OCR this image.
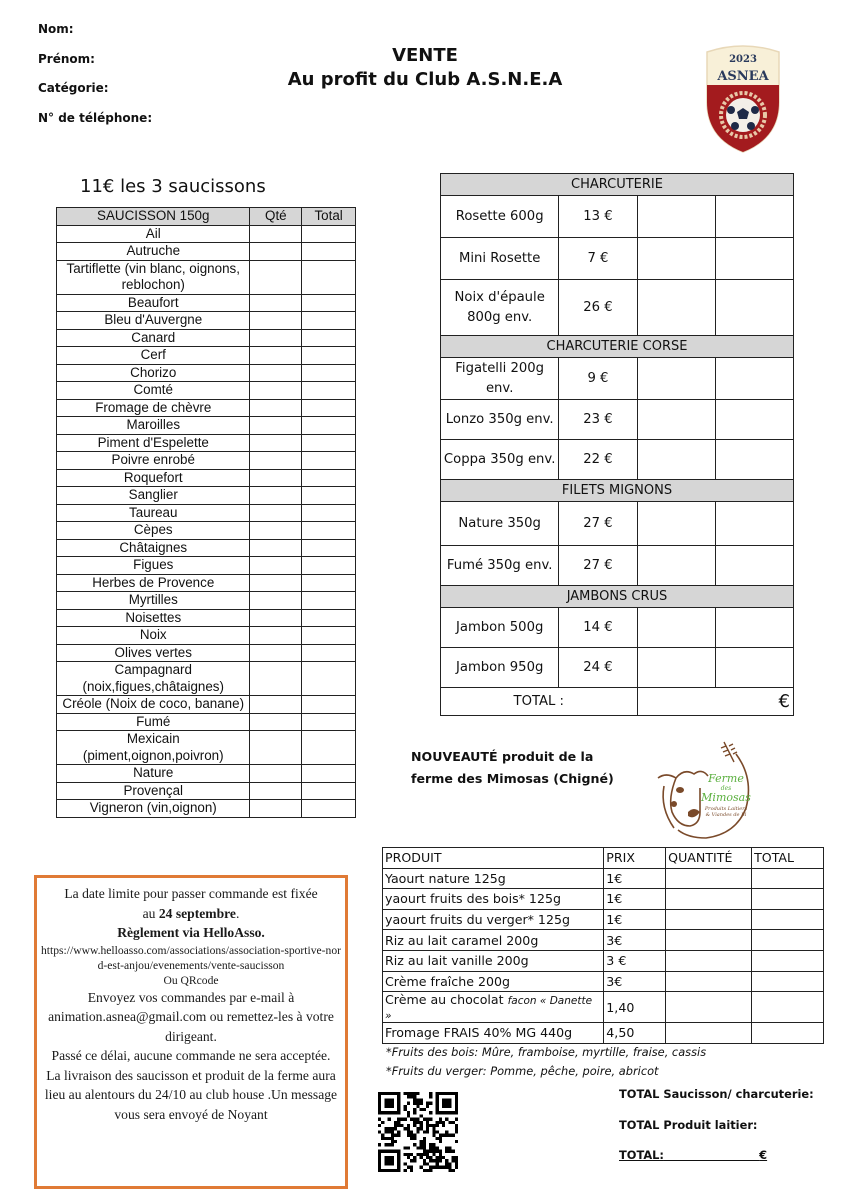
Nom:
Prénom:
Catégorie:
N° de téléphone:
VENTE
Au profit du Club A.S.N.E.A
2023
ASNEA
11€ les 3 saucissons
SAUCISSON 150g	Qté	Total
Ail		
Autruche		
Tartiflette (vin blanc, oignons, reblochon)		
Beaufort		
Bleu d'Auvergne		
Canard		
Cerf		
Chorizo		
Comté		
Fromage de chèvre		
Maroilles		
Piment d'Espelette		
Poivre enrobé		
Roquefort		
Sanglier		
Taureau		
Cèpes		
Châtaignes		
Figues		
Herbes de Provence		
Myrtilles		
Noisettes		
Noix		
Olives vertes		
Campagnard (noix,figues,châtaignes)		
Créole (Noix de coco, banane)		
Fumé		
Mexicain (piment,oignon,poivron)		
Nature		
Provençal		
Vigneron (vin,oignon)		
CHARCUTERIE			
Rosette 600g	13 €		
Mini Rosette	7 €		
Noix d'épaule 800g env.	26 €		
CHARCUTERIE CORSE			
Figatelli 200g env.	9 €		
Lonzo 350g env.	23 €		
Coppa 350g env.	22 €		
FILETS MIGNONS			
Nature 350g	27 €		
Fumé 350g env.	27 €		
JAMBONS CRUS			
Jambon 500g	14 €		
Jambon 950g	24 €		
TOTAL :		€	
NOUVEAUTÉ produit de la
ferme des Mimosas (Chigné)	Ferme
des
Mimosas
Produits Laitiers
& Viandes de Bl
PRODUIT	PRIX	QUANTITÉ	TOTAL
Yaourt nature 125g	1€		
yaourt fruits des bois* 125g	1€		
yaourt fruits du verger* 125g	1€		
Riz au lait caramel 200g	3€		
Riz au lait vanille 200g	3 €		
Crème fraîche 200g	3€		
Crème au chocolat facon « Danette »	1,40		
Fromage FRAIS 40% MG 440g	4,50		
*Fruits des bois: Mûre, framboise, myrtille, fraise, cassis
*Fruits du verger: Pomme, pêche, poire, abricot
TOTAL Saucisson/ charcuterie:
TOTAL Produit laitier:
TOTAL:	€

La date limite pour passer commande est fixée

au 24 septembre.

Règlement via HelloAsso.

https://www.helloasso.com/associations/association-sportive-nord-est-anjou/evenements/vente-saucisson

Ou QRcode

Envoyez vos commandes par e-mail à

animation.asnea@gmail.com ou remettez-les à votre dirigeant.

Passé ce délai, aucune commande ne sera acceptée.

La livraison des saucisson et produit de la ferme aura lieu au alentours du 24/10 au club house .Un message vous sera envoyé de Noyant
